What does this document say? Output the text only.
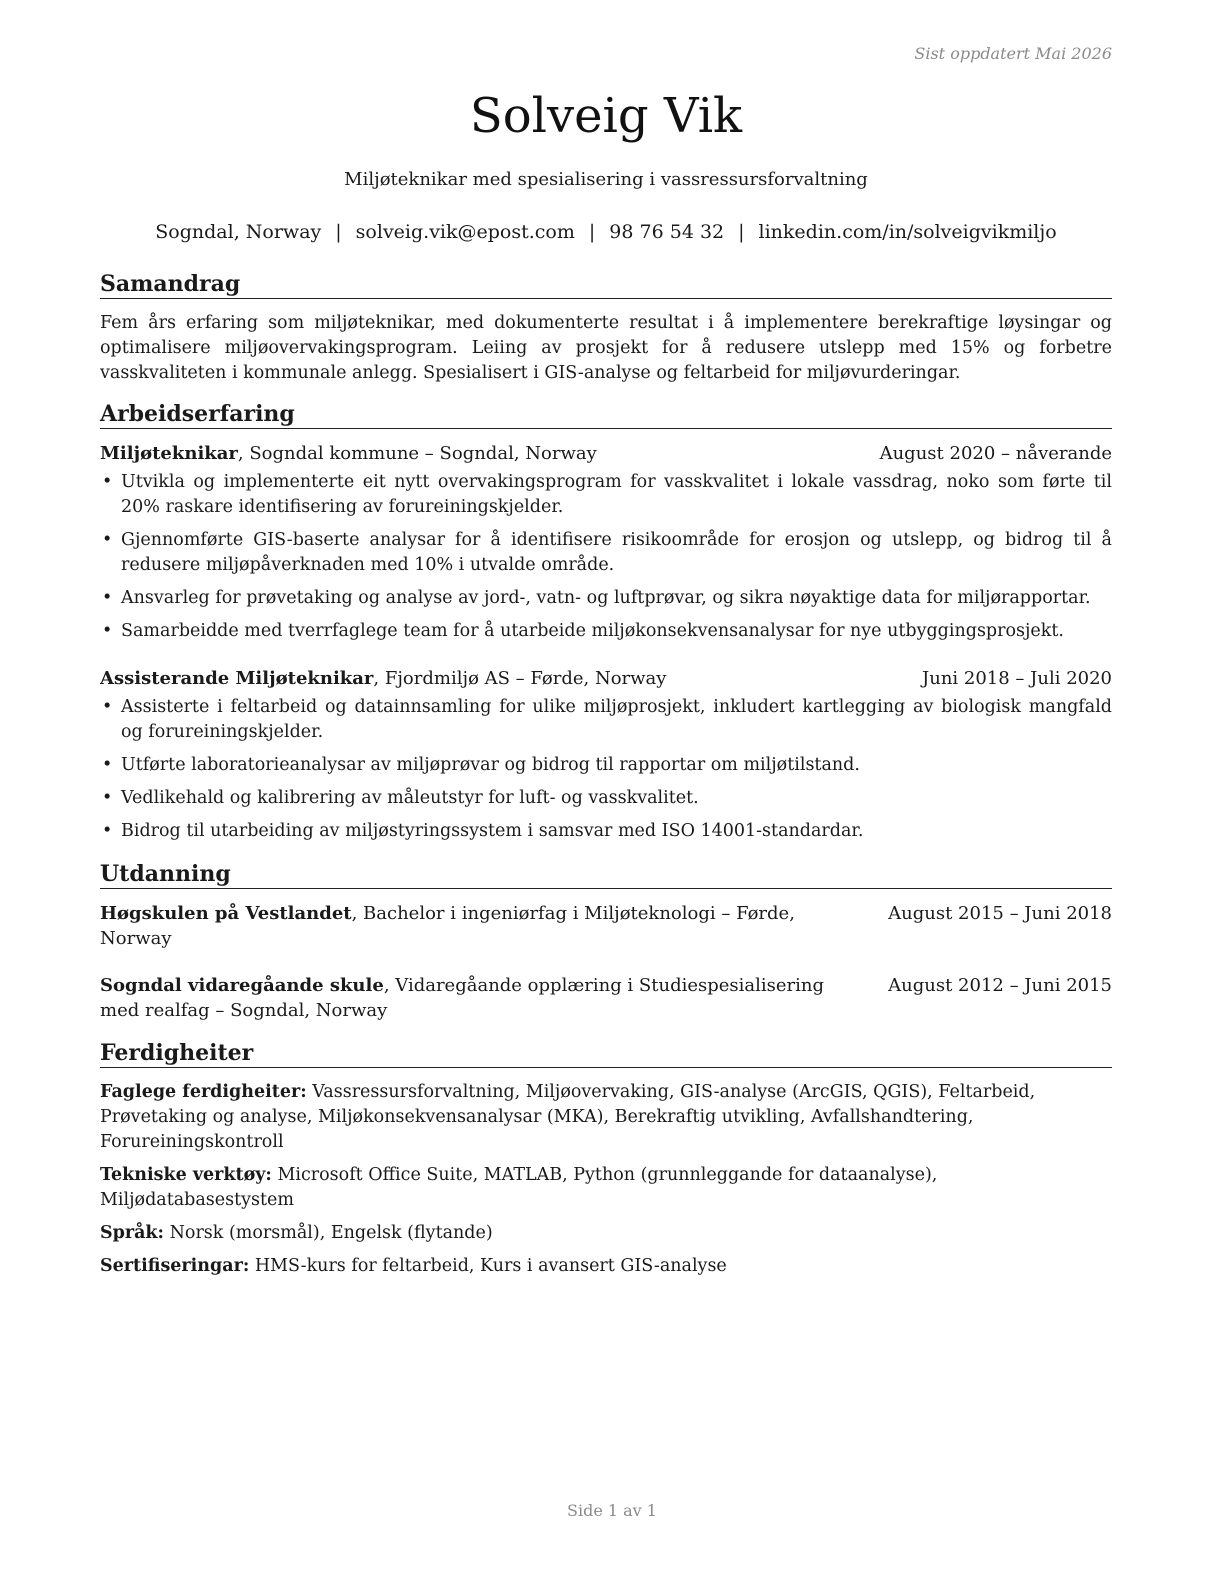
Sist oppdatert Mai 2026
Solveig Vik
Miljøteknikar med spesialisering i vassressursforvaltning
Sogndal, Norway | solveig.vik@epost.com | 98 76 54 32 | linkedin.com/in/solveigvikmiljo
Samandrag
Fem års erfaring som miljøteknikar, med dokumenterte resultat i å implementere berekraftige løysingar og optimalisere miljøovervakingsprogram. Leiing av prosjekt for å redusere utslepp med 15% og forbetre vasskvaliteten i kommunale anlegg. Spesialisert i GIS-analyse og feltarbeid for miljøvurderingar.
Arbeidserfaring
Miljøteknikar, Sogndal kommune – Sogndal, Norway	August 2020 – nåverande
• Utvikla og implementerte eit nytt overvakingsprogram for vasskvalitet i lokale vassdrag, noko som førte til 20% raskare identifisering av forureiningskjelder.
• Gjennomførte GIS-baserte analysar for å identifisere risikoområde for erosjon og utslepp, og bidrog til å redusere miljøpåverknaden med 10% i utvalde område.
• Ansvarleg for prøvetaking og analyse av jord-, vatn- og luftprøvar, og sikra nøyaktige data for miljørapportar.
• Samarbeidde med tverrfaglege team for å utarbeide miljøkonsekvensanalysar for nye utbyggingsprosjekt.
Assisterande Miljøteknikar, Fjordmiljø AS – Førde, Norway	Juni 2018 – Juli 2020
• Assisterte i feltarbeid og datainnsamling for ulike miljøprosjekt, inkludert kartlegging av biologisk mangfald og forureiningskjelder.
• Utførte laboratorieanalysar av miljøprøvar og bidrog til rapportar om miljøtilstand.
• Vedlikehald og kalibrering av måleutstyr for luft- og vasskvalitet.
• Bidrog til utarbeiding av miljøstyringssystem i samsvar med ISO 14001-standardar.
Utdanning
Høgskulen på Vestlandet, Bachelor i ingeniørfag i Miljøteknologi – Førde, Norway
August 2015 – Juni 2018
Sogndal vidaregåande skule, Vidaregåande opplæring i Studiespesialisering med realfag – Sogndal, Norway
August 2012 – Juni 2015
Ferdigheiter
Faglege ferdigheiter: Vassressursforvaltning, Miljøovervaking, GIS-analyse (ArcGIS, QGIS), Feltarbeid, Prøvetaking og analyse, Miljøkonsekvensanalysar (MKA), Berekraftig utvikling, Avfallshandtering, Forureiningskontroll
Tekniske verktøy: Microsoft Office Suite, MATLAB, Python (grunnleggande for dataanalyse), Miljødatabasestystem
Språk: Norsk (morsmål), Engelsk (flytande)
Sertifiseringar: HMS-kurs for feltarbeid, Kurs i avansert GIS-analyse
Side 1 av 1
